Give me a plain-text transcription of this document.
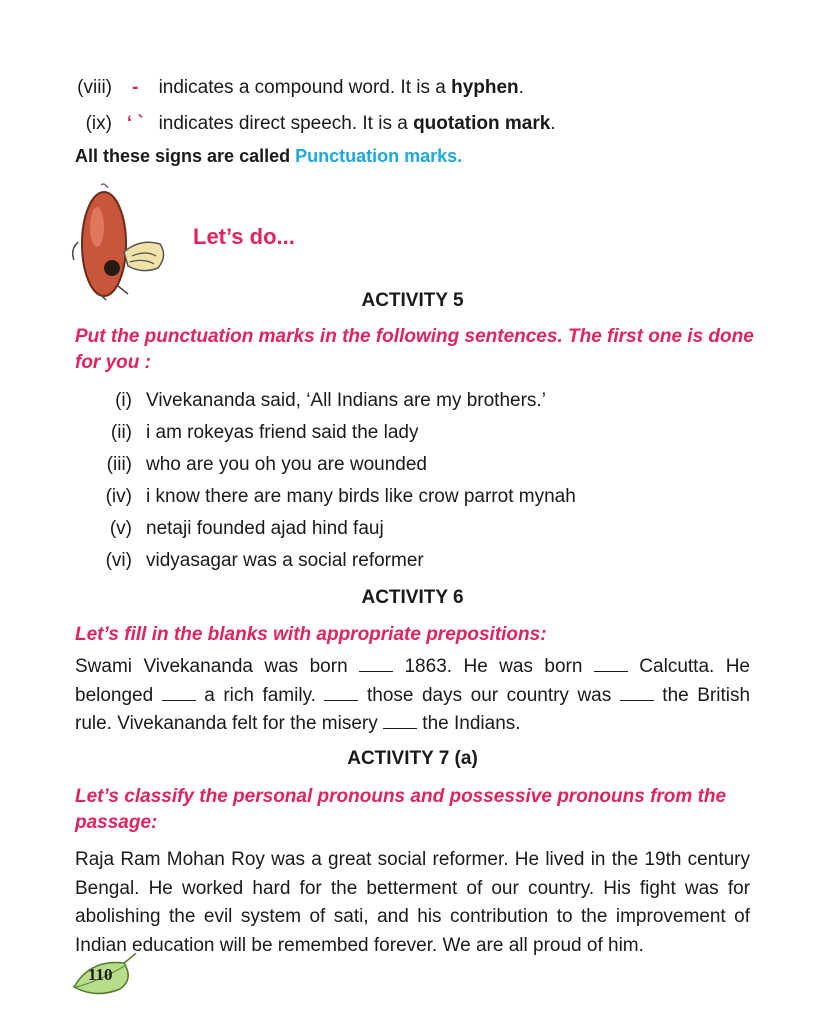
(viii) - indicates a compound word. It is a hyphen.
(ix) ‘ ` indicates direct speech. It is a quotation mark.
All these signs are called Punctuation marks.
Let’s do...
ACTIVITY 5
Put the punctuation marks in the following sentences. The first one is done for you :
(i) Vivekananda said, ‘All Indians are my brothers.’
(ii) i am rokeyas friend said the lady
(iii) who are you oh you are wounded
(iv) i know there are many birds like crow parrot mynah
(v) netaji founded ajad hind fauj
(vi) vidyasagar was a social reformer
ACTIVITY 6
Let’s fill in the blanks with appropriate prepositions:
Swami Vivekananda was born  1863. He was born  Calcutta. He belonged  a rich family.  those days our country was  the British rule. Vivekananda felt for the misery  the Indians.
ACTIVITY 7 (a)
Let’s classify the personal pronouns and possessive pronouns from the passage:
Raja Ram Mohan Roy was a great social reformer. He lived in the 19th century Bengal. He worked hard for the betterment of our country. His fight was for abolishing the evil system of sati, and his contribution to the improvement of Indian education will be remembed forever. We are all proud of him.
110
